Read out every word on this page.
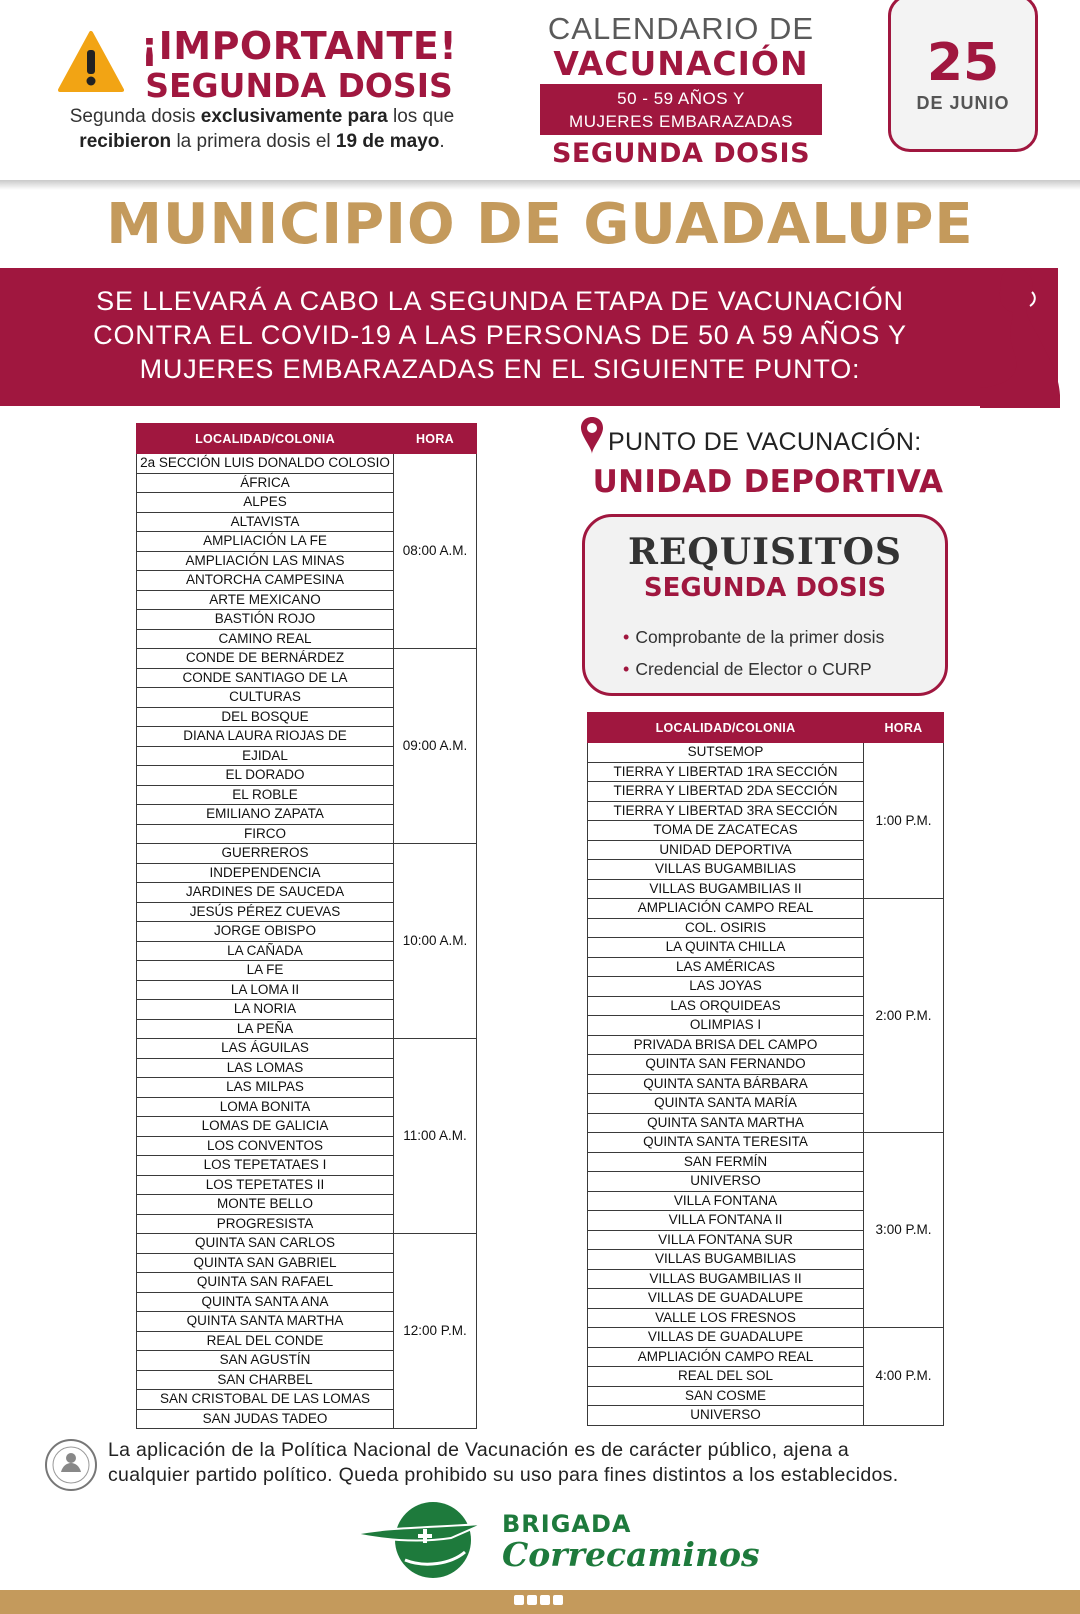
¡IMPORTANTE!
SEGUNDA DOSIS
Segunda dosis exclusivamente para los que recibieron la primera dosis el 19 de mayo.
CALENDARIO DE
VACUNACIÓN
50 - 59 AÑOS Y
MUJERES EMBARAZADAS
SEGUNDA DOSIS
25
DE JUNIO
MUNICIPIO DE GUADALUPE
SE LLEVARÁ A CABO LA SEGUNDA ETAPA DE VACUNACIÓN
CONTRA EL COVID-19 A LAS PERSONAS DE 50 A 59 AÑOS Y
MUJERES EMBARAZADAS EN EL SIGUIENTE PUNTO:
LOCALIDAD/COLONIA	HORA
2a SECCIÓN LUIS DONALDO COLOSIO	08:00 A.M.
ÁFRICA	
ALPES	
ALTAVISTA	
AMPLIACIÓN LA FE	
AMPLIACIÓN LAS MINAS	
ANTORCHA CAMPESINA	
ARTE MEXICANO	
BASTIÓN ROJO	
CAMINO REAL	
CONDE DE BERNÁRDEZ	09:00 A.M.
CONDE SANTIAGO DE LA	
CULTURAS	
DEL BOSQUE	
DIANA LAURA RIOJAS DE	
EJIDAL	
EL DORADO	
EL ROBLE	
EMILIANO ZAPATA	
FIRCO	
GUERREROS	10:00 A.M.
INDEPENDENCIA	
JARDINES DE SAUCEDA	
JESÚS PÉREZ CUEVAS	
JORGE OBISPO	
LA CAÑADA	
LA FE	
LA LOMA II	
LA NORIA	
LA PEÑA	
LAS ÁGUILAS	11:00 A.M.
LAS LOMAS	
LAS MILPAS	
LOMA BONITA	
LOMAS DE GALICIA	
LOS CONVENTOS	
LOS TEPETATAES I	
LOS TEPETATES II	
MONTE BELLO	
PROGRESISTA	
QUINTA SAN CARLOS	12:00 P.M.
QUINTA SAN GABRIEL	
QUINTA SAN RAFAEL	
QUINTA SANTA ANA	
QUINTA SANTA MARTHA	
REAL DEL CONDE	
SAN AGUSTÍN	
SAN CHARBEL	
SAN CRISTOBAL DE LAS LOMAS	
SAN JUDAS TADEO	
PUNTO DE VACUNACIÓN:
UNIDAD DEPORTIVA
REQUISITOS
SEGUNDA DOSIS
• Comprobante de la primer dosis
• Credencial de Elector o CURP
LOCALIDAD/COLONIA	HORA
SUTSEMOP	1:00 P.M.
TIERRA Y LIBERTAD 1RA SECCIÓN	
TIERRA Y LIBERTAD 2DA SECCIÓN	
TIERRA Y LIBERTAD 3RA SECCIÓN	
TOMA DE ZACATECAS	
UNIDAD DEPORTIVA	
VILLAS BUGAMBILIAS	
VILLAS BUGAMBILIAS II	
AMPLIACIÓN CAMPO REAL	2:00 P.M.
COL. OSIRIS	
LA QUINTA CHILLA	
LAS AMÉRICAS	
LAS JOYAS	
LAS ORQUIDEAS	
OLIMPIAS I	
PRIVADA BRISA DEL CAMPO	
QUINTA SAN FERNANDO	
QUINTA SANTA BÁRBARA	
QUINTA SANTA MARÍA	
QUINTA SANTA MARTHA	
QUINTA SANTA TERESITA	3:00 P.M.
SAN FERMÍN	
UNIVERSO	
VILLA FONTANA	
VILLA FONTANA II	
VILLA FONTANA SUR	
VILLAS BUGAMBILIAS	
VILLAS BUGAMBILIAS II	
VILLAS DE GUADALUPE	
VALLE LOS FRESNOS	
VILLAS DE GUADALUPE	4:00 P.M.
AMPLIACIÓN CAMPO REAL	
REAL DEL SOL	
SAN COSME	
UNIVERSO	
La aplicación de la Política Nacional de Vacunación es de carácter público, ajena a
cualquier partido político. Queda prohibido su uso para fines distintos a los establecidos.
BRIGADA
Correcaminos
